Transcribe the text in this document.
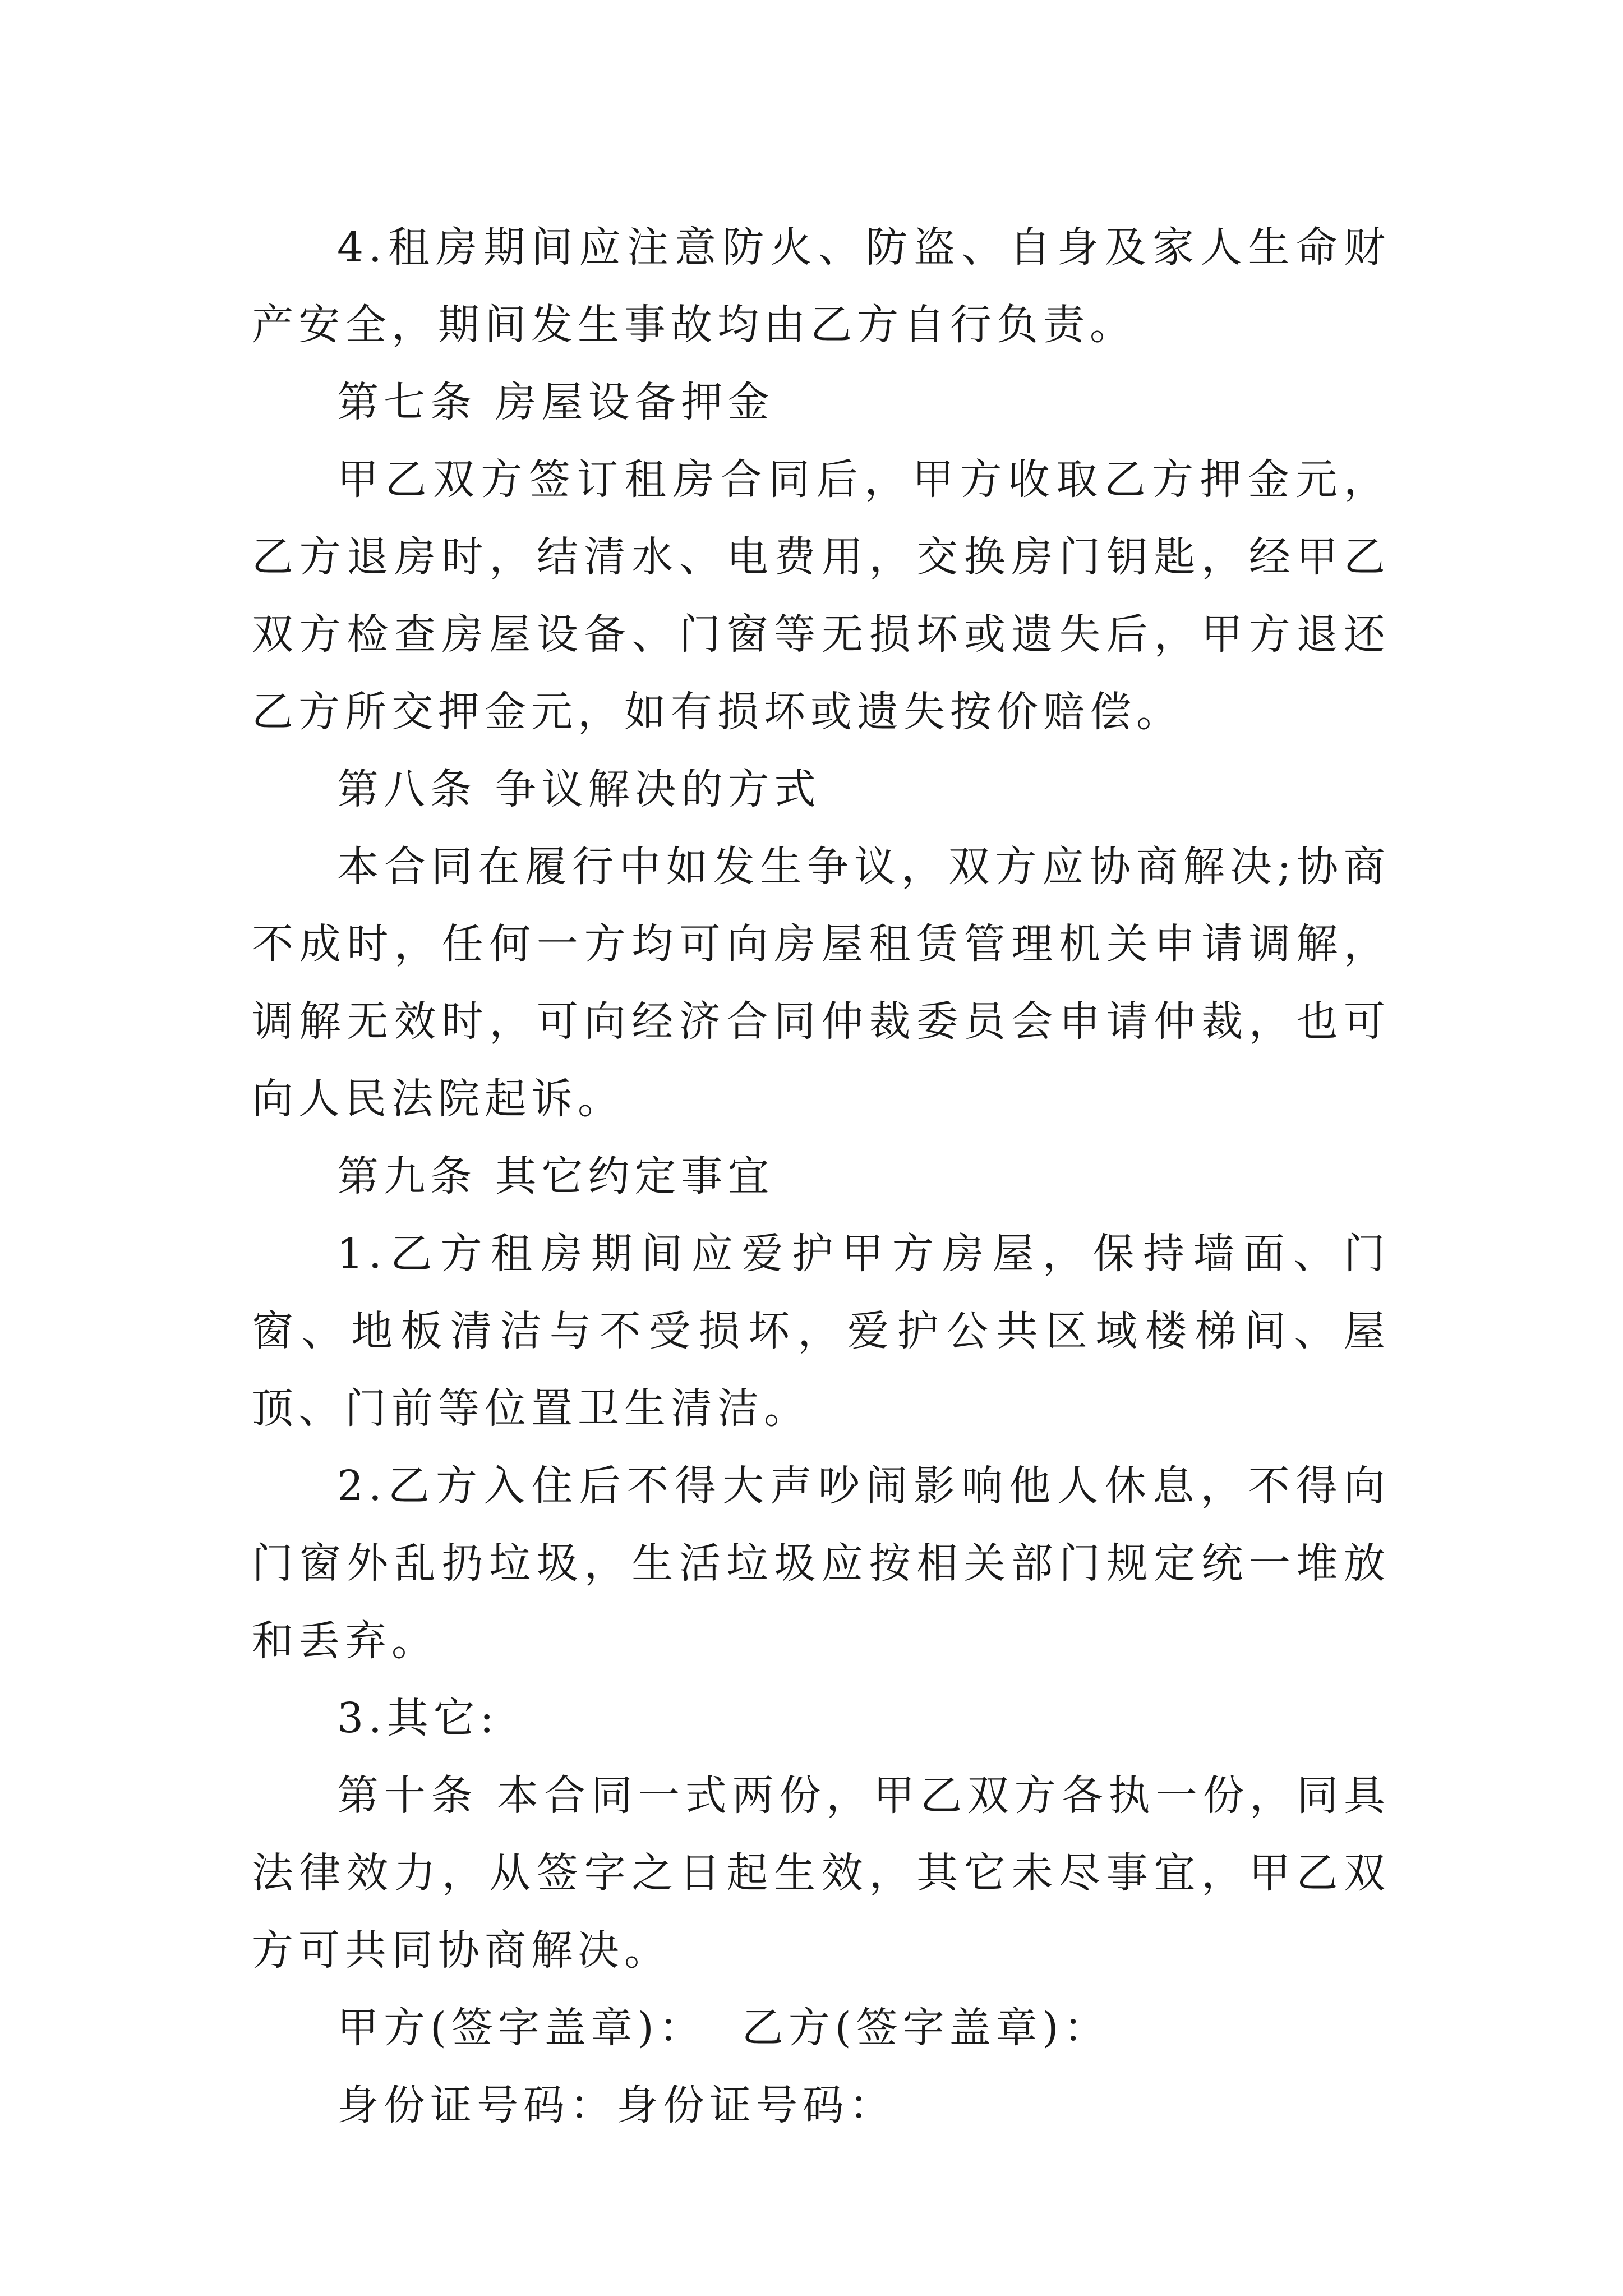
4.租房期间应注意防火、防盗、自身及家人生命财产安全，期间发生事故均由乙方自行负责。

第七条 房屋设备押金

甲乙双方签订租房合同后，甲方收取乙方押金元，乙方退房时，结清水、电费用，交换房门钥匙，经甲乙双方检查房屋设备、门窗等无损坏或遗失后，甲方退还乙方所交押金元，如有损坏或遗失按价赔偿。

第八条 争议解决的方式

本合同在履行中如发生争议，双方应协商解决;协商不成时，任何一方均可向房屋租赁管理机关申请调解，调解无效时，可向经济合同仲裁委员会申请仲裁，也可向人民法院起诉。

第九条 其它约定事宜

1.乙方租房期间应爱护甲方房屋，保持墙面、门窗、地板清洁与不受损坏，爱护公共区域楼梯间、屋顶、门前等位置卫生清洁。

2.乙方入住后不得大声吵闹影响他人休息，不得向门窗外乱扔垃圾，生活垃圾应按相关部门规定统一堆放和丢弃。

3.其它:

第十条 本合同一式两份，甲乙双方各执一份，同具法律效力，从签字之日起生效，其它未尽事宜，甲乙双方可共同协商解决。

甲方(签字盖章)：  乙方(签字盖章)：

身份证号码：身份证号码：
